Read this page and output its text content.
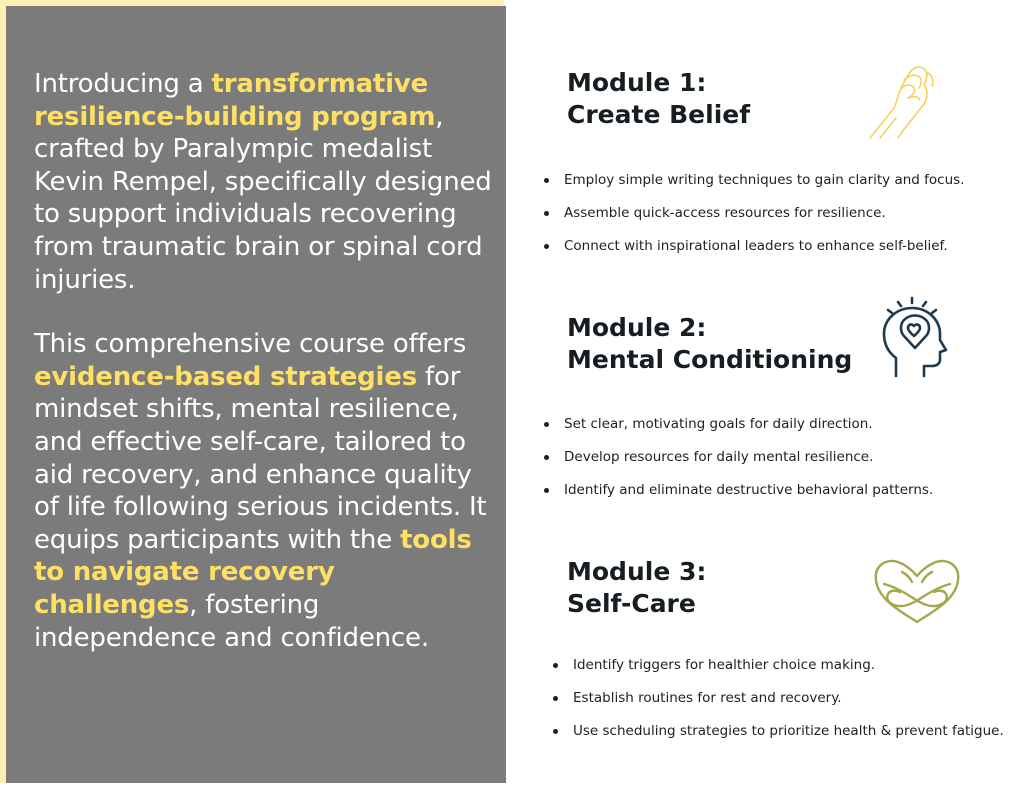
Introducing a transformative resilience-building program, crafted by Paralympic medalist Kevin Rempel, specifically designed to support individuals recovering from traumatic brain or spinal cord injuries.

This comprehensive course offers evidence-based strategies for mindset shifts, mental resilience, and effective self-care, tailored to aid recovery, and enhance quality of life following serious incidents. It equips participants with the tools to navigate recovery challenges, fostering independence and confidence.

Module 1:
Create Belief
Employ simple writing techniques to gain clarity and focus.
Assemble quick-access resources for resilience.
Connect with inspirational leaders to enhance self-belief.
Module 2:
Mental Conditioning
Set clear, motivating goals for daily direction.
Develop resources for daily mental resilience.
Identify and eliminate destructive behavioral patterns.
Module 3:
Self-Care
Identify triggers for healthier choice making.
Establish routines for rest and recovery.
Use scheduling strategies to prioritize health & prevent fatigue.
